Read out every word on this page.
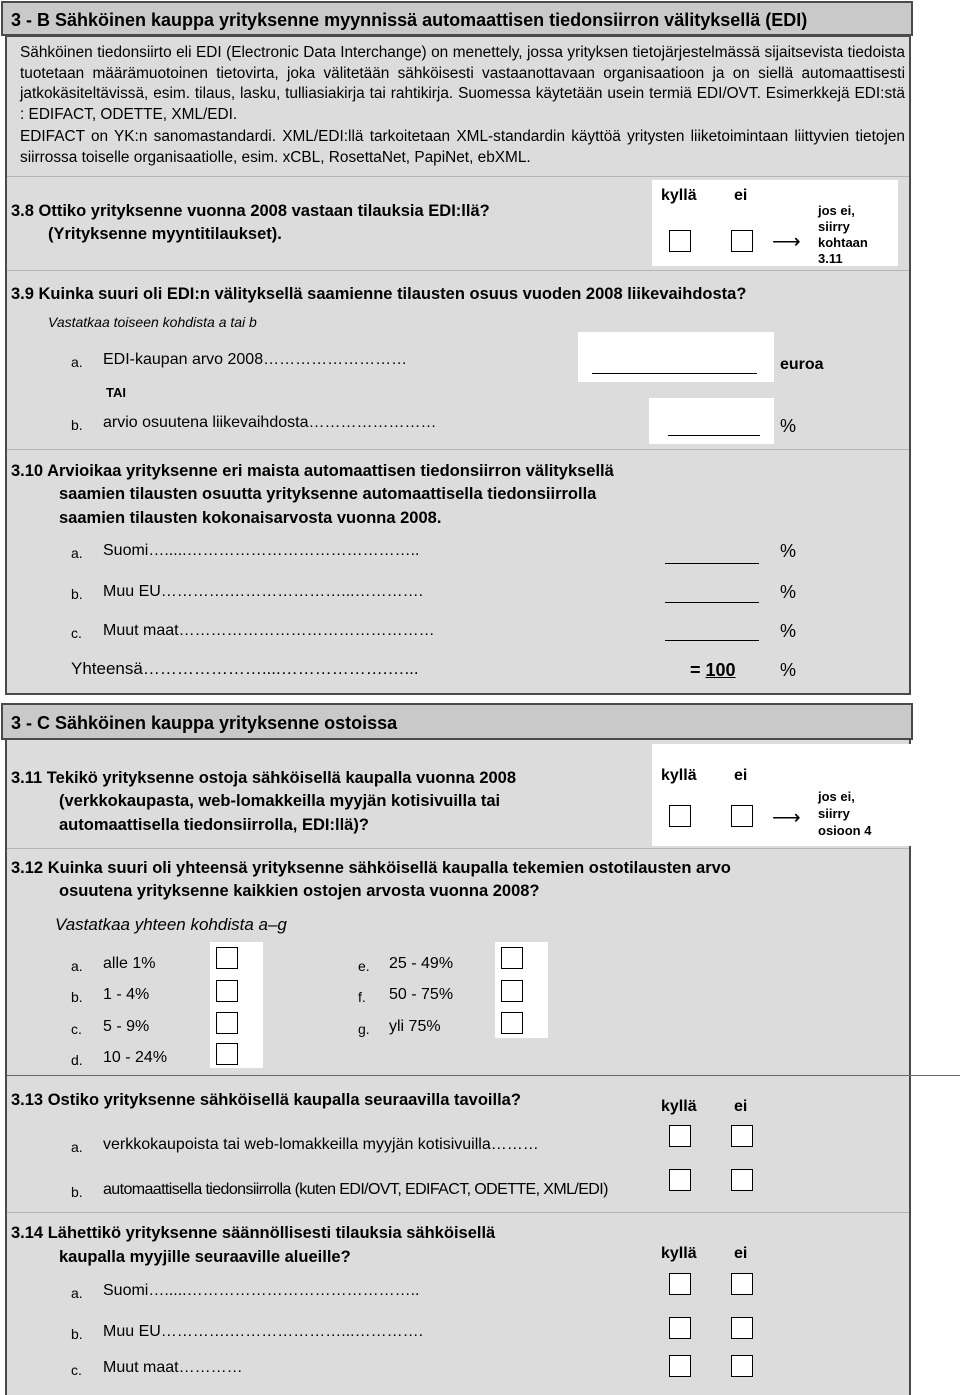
3 - B Sähköinen kauppa yrityksenne myynnissä automaattisen tiedonsiirron välityksellä (EDI)
Sähköinen tiedonsiirto eli EDI (Electronic Data Interchange) on menettely, jossa yrityksen tietojärjestelmässä sijaitsevista tiedoista tuotetaan määrämuotoinen tietovirta, joka välitetään sähköisesti vastaanottavaan organisaatioon ja on siellä automaattisesti jatkokäsiteltävissä, esim. tilaus, lasku, tulliasiakirja tai rahtikirja. Suomessa käytetään usein termiä EDI/OVT. Esimerkkejä EDI:stä : EDIFACT, ODETTE, XML/EDI.
EDIFACT on YK:n sanomastandardi. XML/EDI:llä tarkoitetaan XML-standardin käyttöä yritysten liiketoimintaan liittyvien tietojen siirrossa toiselle organisaatiolle, esim. xCBL, RosettaNet, PapiNet, ebXML.
3.8 Ottiko yrityksenne vuonna 2008 vastaan tilauksia EDI:llä?
(Yrityksenne myyntitilaukset).
kyllä ei
⟶
jos ei,
siirry
kohtaan
3.11
3.9 Kuinka suuri oli EDI:n välityksellä saamienne tilausten osuus vuoden 2008 liikevaihdosta?
Vastatkaa toiseen kohdista a tai b
a. EDI-kaupan arvo 2008………………………	euroa
TAI
b. arvio osuutena liikevaihdosta……………………	%
3.10 Arvioikaa yrityksenne eri maista automaattisen tiedonsiirron välityksellä
saamien tilausten osuutta yrityksenne automaattisella tiedonsiirrolla
saamien tilausten kokonaisarvosta vuonna 2008.
a. Suomi….....……………………………………..	%
b. Muu EU………….…………………...………….	%
c. Muut maat…………………………………………	%
Yhteensä…………………....……………….…...	= 100 %
3 - C Sähköinen kauppa yrityksenne ostoissa
3.11 Tekikö yrityksenne ostoja sähköisellä kaupalla vuonna 2008
(verkkokaupasta, web-lomakkeilla myyjän kotisivuilla tai
automaattisella tiedonsiirrolla, EDI:llä)?
kyllä ei
⟶
jos ei,
siirry
osioon 4
3.12 Kuinka suuri oli yhteensä yrityksenne sähköisellä kaupalla tekemien ostotilausten arvo
osuutena yrityksenne kaikkien ostojen arvosta vuonna 2008?
Vastatkaa yhteen kohdista a–g
a. alle 1%
b. 1 - 4%
c. 5 - 9%
d. 10 - 24%
e. 25 - 49%
f. 50 - 75%
g. yli 75%
3.13 Ostiko yrityksenne sähköisellä kaupalla seuraavilla tavoilla?	kyllä ei
a. verkkokaupoista tai web-lomakkeilla myyjän kotisivuilla………
b. automaattisella tiedonsiirrolla (kuten EDI/OVT, EDIFACT, ODETTE, XML/EDI)
3.14 Lähettikö yrityksenne säännöllisesti tilauksia sähköisellä
kaupalla myyjille seuraaville alueille?	kyllä ei
a. Suomi….....……………………………………..
b. Muu EU………….…………………...………….
c. Muut maat…………
